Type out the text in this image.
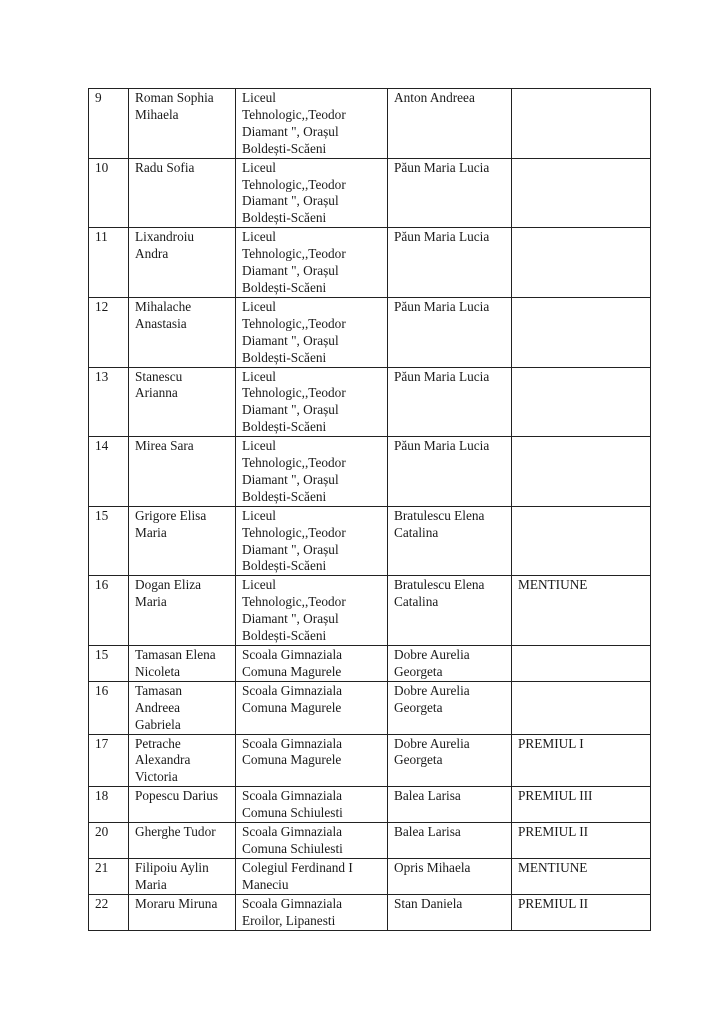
9	Roman Sophia
Mihaela	Liceul
Tehnologic,,Teodor
Diamant ", Orașul
Boldești-Scăeni	Anton Andreea	

10	Radu Sofia	Liceul
Tehnologic,,Teodor
Diamant ", Orașul
Boldești-Scăeni	Păun Maria Lucia	

11	Lixandroiu
Andra	Liceul
Tehnologic,,Teodor
Diamant ", Orașul
Boldești-Scăeni	Păun Maria Lucia	

12	Mihalache
Anastasia	Liceul
Tehnologic,,Teodor
Diamant ", Orașul
Boldești-Scăeni	Păun Maria Lucia	

13	Stanescu
Arianna	Liceul
Tehnologic,,Teodor
Diamant ", Orașul
Boldești-Scăeni	Păun Maria Lucia	

14	Mirea Sara	Liceul
Tehnologic,,Teodor
Diamant ", Orașul
Boldești-Scăeni	Păun Maria Lucia	

15	Grigore Elisa
Maria	Liceul
Tehnologic,,Teodor
Diamant ", Orașul
Boldești-Scăeni	Bratulescu Elena
Catalina	

16	Dogan Eliza
Maria	Liceul
Tehnologic,,Teodor
Diamant ", Orașul
Boldești-Scăeni	Bratulescu Elena
Catalina	MENTIUNE

15	Tamasan Elena
Nicoleta	Scoala Gimnaziala
Comuna Magurele	Dobre Aurelia
Georgeta	

16	Tamasan
Andreea
Gabriela	Scoala Gimnaziala
Comuna Magurele	Dobre Aurelia
Georgeta	

17	Petrache
Alexandra
Victoria	Scoala Gimnaziala
Comuna Magurele	Dobre Aurelia
Georgeta	PREMIUL I

18	Popescu Darius	Scoala Gimnaziala
Comuna Schiulesti	Balea Larisa	PREMIUL III

20	Gherghe Tudor	Scoala Gimnaziala
Comuna Schiulesti	Balea Larisa	PREMIUL II

21	Filipoiu Aylin
Maria	Colegiul Ferdinand I
Maneciu	Opris Mihaela	MENTIUNE

22	Moraru Miruna	Scoala Gimnaziala
Eroilor, Lipanesti	Stan Daniela	PREMIUL II
